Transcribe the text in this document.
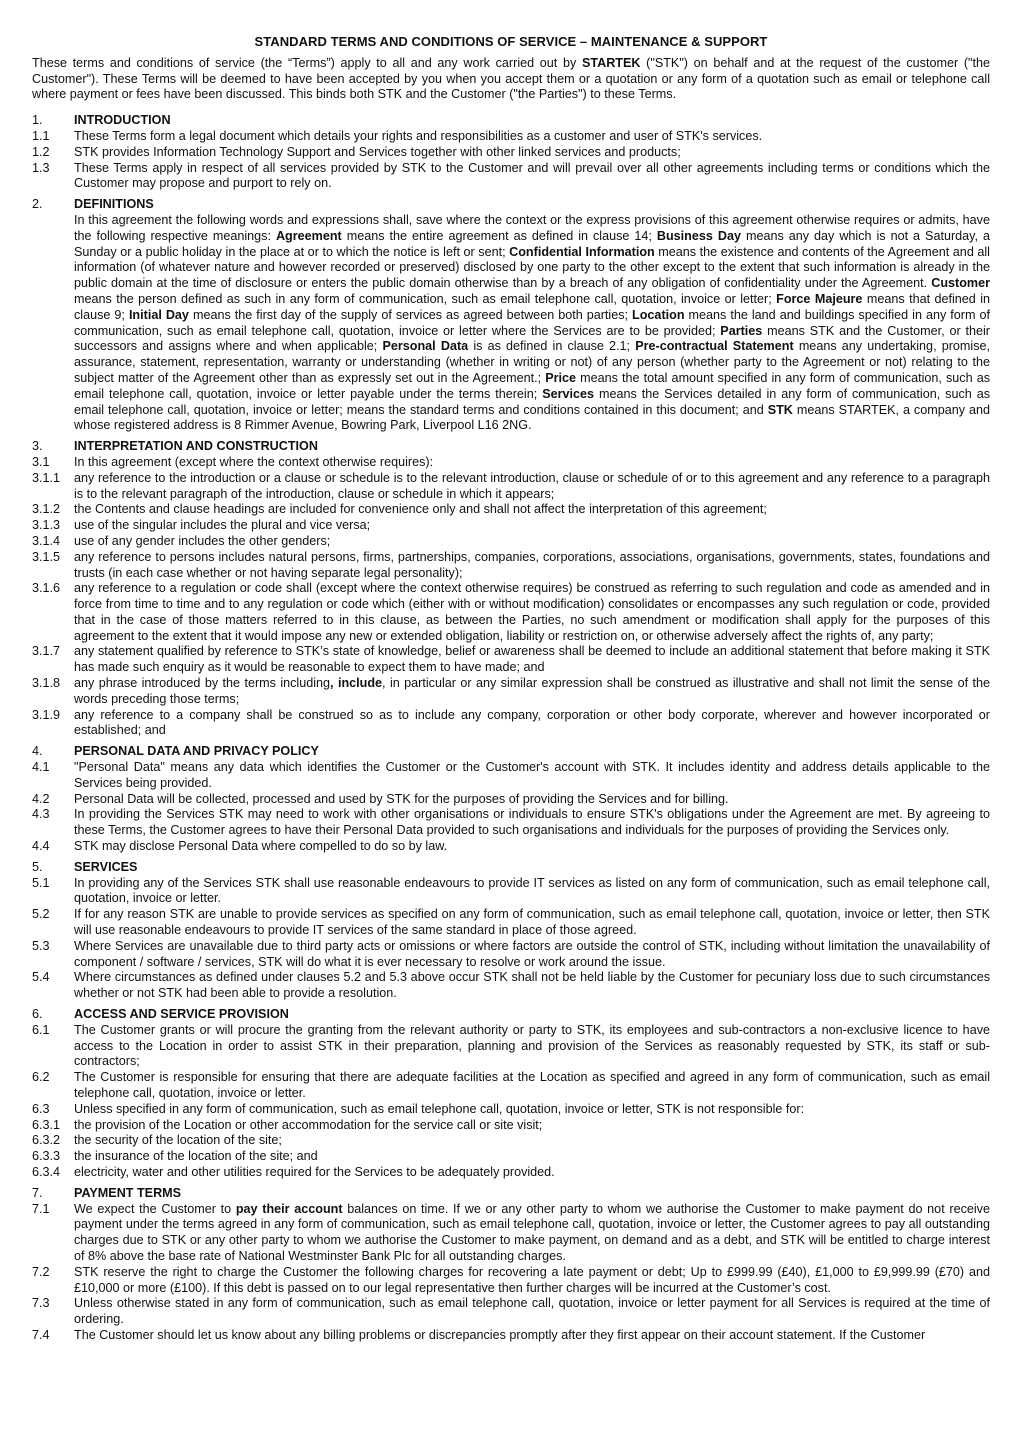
STANDARD TERMS AND CONDITIONS OF SERVICE – MAINTENANCE & SUPPORT
These terms and conditions of service (the “Terms”) apply to all and any work carried out by STARTEK ("STK") on behalf and at the request of the customer ("the Customer"). These Terms will be deemed to have been accepted by you when you accept them or a quotation or any form of a quotation such as email or telephone call where payment or fees have been discussed. This binds both STK and the Customer ("the Parties") to these Terms.
1.	INTRODUCTION
1.1	These Terms form a legal document which details your rights and responsibilities as a customer and user of STK's services.
1.2	STK provides Information Technology Support and Services together with other linked services and products;
1.3	These Terms apply in respect of all services provided by STK to the Customer and will prevail over all other agreements including terms or conditions which the Customer may propose and purport to rely on.
2.	DEFINITIONS
In this agreement the following words and expressions shall, save where the context or the express provisions of this agreement otherwise requires or admits, have the following respective meanings: Agreement means the entire agreement as defined in clause 14; Business Day means any day which is not a Saturday, a Sunday or a public holiday in the place at or to which the notice is left or sent; Confidential Information means the existence and contents of the Agreement and all information (of whatever nature and however recorded or preserved) disclosed by one party to the other except to the extent that such information is already in the public domain at the time of disclosure or enters the public domain otherwise than by a breach of any obligation of confidentiality under the Agreement. Customer means the person defined as such in any form of communication, such as email telephone call, quotation, invoice or letter; Force Majeure means that defined in clause 9; Initial Day means the first day of the supply of services as agreed between both parties; Location means the land and buildings specified in any form of communication, such as email telephone call, quotation, invoice or letter where the Services are to be provided; Parties means STK and the Customer, or their successors and assigns where and when applicable; Personal Data is as defined in clause 2.1; Pre-contractual Statement means any undertaking, promise, assurance, statement, representation, warranty or understanding (whether in writing or not) of any person (whether party to the Agreement or not) relating to the subject matter of the Agreement other than as expressly set out in the Agreement.; Price means the total amount specified in any form of communication, such as email telephone call, quotation, invoice or letter payable under the terms therein; Services means the Services detailed in any form of communication, such as email telephone call, quotation, invoice or letter; means the standard terms and conditions contained in this document; and STK means STARTEK, a company and whose registered address is 8 Rimmer Avenue, Bowring Park, Liverpool L16 2NG.
3.	INTERPRETATION AND CONSTRUCTION
3.1	In this agreement (except where the context otherwise requires):
3.1.1	any reference to the introduction or a clause or schedule is to the relevant introduction, clause or schedule of or to this agreement and any reference to a paragraph is to the relevant paragraph of the introduction, clause or schedule in which it appears;
3.1.2	the Contents and clause headings are included for convenience only and shall not affect the interpretation of this agreement;
3.1.3	use of the singular includes the plural and vice versa;
3.1.4	use of any gender includes the other genders;
3.1.5	any reference to persons includes natural persons, firms, partnerships, companies, corporations, associations, organisations, governments, states, foundations and trusts (in each case whether or not having separate legal personality);
3.1.6	any reference to a regulation or code shall (except where the context otherwise requires) be construed as referring to such regulation and code as amended and in force from time to time and to any regulation or code which (either with or without modification) consolidates or encompasses any such regulation or code, provided that in the case of those matters referred to in this clause, as between the Parties, no such amendment or modification shall apply for the purposes of this agreement to the extent that it would impose any new or extended obligation, liability or restriction on, or otherwise adversely affect the rights of, any party;
3.1.7	any statement qualified by reference to STK’s state of knowledge, belief or awareness shall be deemed to include an additional statement that before making it STK has made such enquiry as it would be reasonable to expect them to have made; and
3.1.8	any phrase introduced by the terms including, include, in particular or any similar expression shall be construed as illustrative and shall not limit the sense of the words preceding those terms;
3.1.9	any reference to a company shall be construed so as to include any company, corporation or other body corporate, wherever and however incorporated or established; and
4.	PERSONAL DATA AND PRIVACY POLICY
4.1	"Personal Data" means any data which identifies the Customer or the Customer's account with STK. It includes identity and address details applicable to the Services being provided.
4.2	Personal Data will be collected, processed and used by STK for the purposes of providing the Services and for billing.
4.3	In providing the Services STK may need to work with other organisations or individuals to ensure STK's obligations under the Agreement are met. By agreeing to these Terms, the Customer agrees to have their Personal Data provided to such organisations and individuals for the purposes of providing the Services only.
4.4	STK may disclose Personal Data where compelled to do so by law.
5.	SERVICES
5.1	In providing any of the Services STK shall use reasonable endeavours to provide IT services as listed on any form of communication, such as email telephone call, quotation, invoice or letter.
5.2	If for any reason STK are unable to provide services as specified on any form of communication, such as email telephone call, quotation, invoice or letter, then STK will use reasonable endeavours to provide IT services of the same standard in place of those agreed.
5.3	Where Services are unavailable due to third party acts or omissions or where factors are outside the control of STK, including without limitation the unavailability of component / software / services, STK will do what it is ever necessary to resolve or work around the issue.
5.4	Where circumstances as defined under clauses 5.2 and 5.3 above occur STK shall not be held liable by the Customer for pecuniary loss due to such circumstances whether or not STK had been able to provide a resolution.
6.	ACCESS AND SERVICE PROVISION
6.1	The Customer grants or will procure the granting from the relevant authority or party to STK, its employees and sub-contractors a non-exclusive licence to have access to the Location in order to assist STK in their preparation, planning and provision of the Services as reasonably requested by STK, its staff or sub-contractors;
6.2	The Customer is responsible for ensuring that there are adequate facilities at the Location as specified and agreed in any form of communication, such as email telephone call, quotation, invoice or letter.
6.3	Unless specified in any form of communication, such as email telephone call, quotation, invoice or letter, STK is not responsible for:
6.3.1	the provision of the Location or other accommodation for the service call or site visit;
6.3.2	the security of the location of the site;
6.3.3	the insurance of the location of the site; and
6.3.4	electricity, water and other utilities required for the Services to be adequately provided.
7.	PAYMENT TERMS
7.1	We expect the Customer to pay their account balances on time. If we or any other party to whom we authorise the Customer to make payment do not receive payment under the terms agreed in any form of communication, such as email telephone call, quotation, invoice or letter, the Customer agrees to pay all outstanding charges due to STK or any other party to whom we authorise the Customer to make payment, on demand and as a debt, and STK will be entitled to charge interest of 8% above the base rate of National Westminster Bank Plc for all outstanding charges.
7.2	STK reserve the right to charge the Customer the following charges for recovering a late payment or debt; Up to £999.99 (£40), £1,000 to £9,999.99 (£70) and £10,000 or more (£100). If this debt is passed on to our legal representative then further charges will be incurred at the Customer’s cost.
7.3	Unless otherwise stated in any form of communication, such as email telephone call, quotation, invoice or letter payment for all Services is required at the time of ordering.
7.4	The Customer should let us know about any billing problems or discrepancies promptly after they first appear on their account statement. If the Customer
